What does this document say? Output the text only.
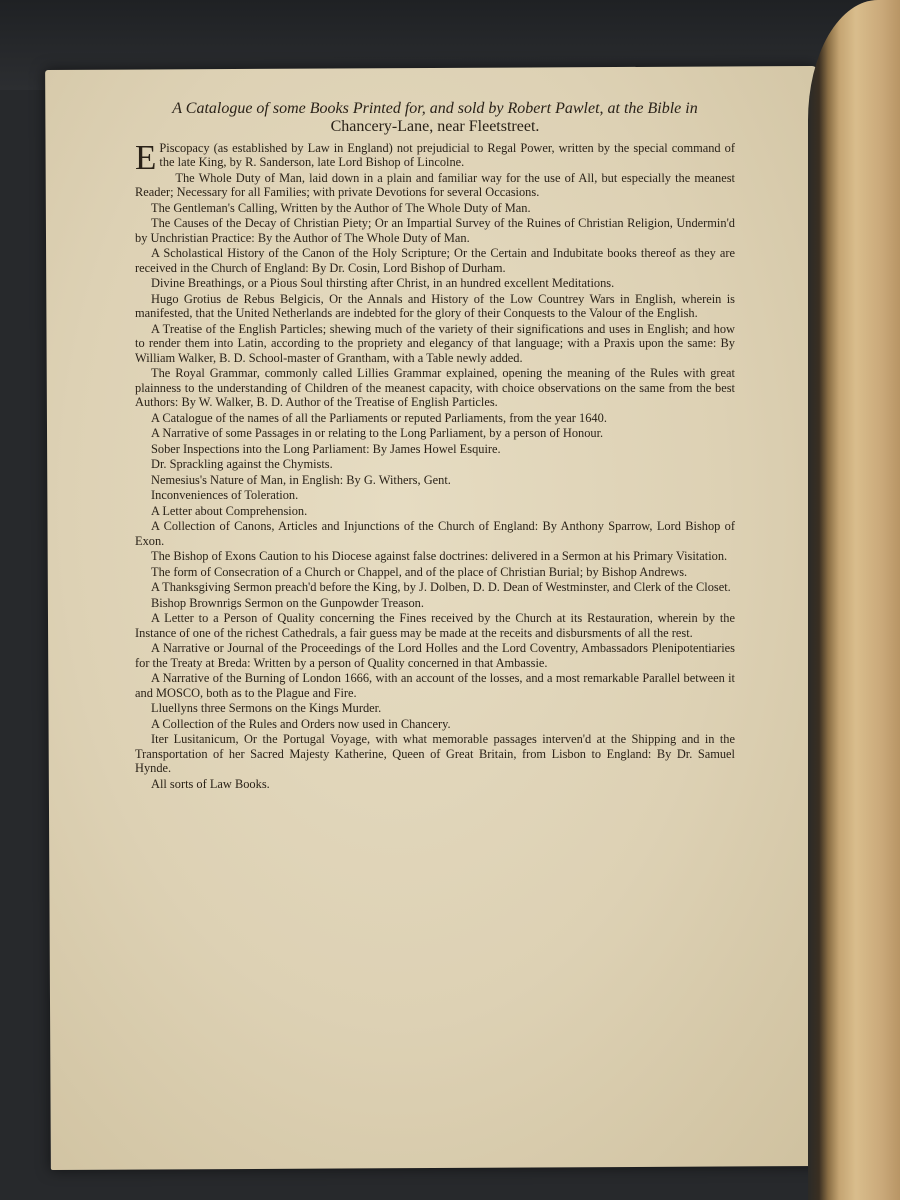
A Catalogue of some Books Printed for, and sold by Robert Pawlet, at the Bible in
Chancery-Lane, near Fleetstreet.

E Piscopacy (as established by Law in England) not prejudicial to Regal Power, written by the special command of the late King, by R. Sanderson, late Lord Bishop of Lincolne.

The Whole Duty of Man, laid down in a plain and familiar way for the use of All, but especially the meanest Reader; Necessary for all Families; with private Devotions for several Occasions.

The Gentleman's Calling, Written by the Author of The Whole Duty of Man.

The Causes of the Decay of Christian Piety; Or an Impartial Survey of the Ruines of Christian Religion, Undermin'd by Unchristian Practice: By the Author of The Whole Duty of Man.

A Scholastical History of the Canon of the Holy Scripture; Or the Certain and Indubitate books thereof as they are received in the Church of England: By Dr. Cosin, Lord Bishop of Durham.

Divine Breathings, or a Pious Soul thirsting after Christ, in an hundred excellent Meditations.

Hugo Grotius de Rebus Belgicis, Or the Annals and History of the Low Countrey Wars in English, wherein is manifested, that the United Netherlands are indebted for the glory of their Conquests to the Valour of the English.

A Treatise of the English Particles; shewing much of the variety of their significations and uses in English; and how to render them into Latin, according to the propriety and elegancy of that language; with a Praxis upon the same: By William Walker, B. D. School-master of Grantham, with a Table newly added.

The Royal Grammar, commonly called Lillies Grammar explained, opening the meaning of the Rules with great plainness to the understanding of Children of the meanest capacity, with choice observations on the same from the best Authors: By W. Walker, B. D. Author of the Treatise of English Particles.

A Catalogue of the names of all the Parliaments or reputed Parliaments, from the year 1640.

A Narrative of some Passages in or relating to the Long Parliament, by a person of Honour.

Sober Inspections into the Long Parliament: By James Howel Esquire.

Dr. Sprackling against the Chymists.

Nemesius's Nature of Man, in English: By G. Withers, Gent.

Inconveniences of Toleration.

A Letter about Comprehension.

A Collection of Canons, Articles and Injunctions of the Church of England: By Anthony Sparrow, Lord Bishop of Exon.

The Bishop of Exons Caution to his Diocese against false doctrines: delivered in a Sermon at his Primary Visitation.

The form of Consecration of a Church or Chappel, and of the place of Christian Burial; by Bishop Andrews.

A Thanksgiving Sermon preach'd before the King, by J. Dolben, D. D. Dean of Westminster, and Clerk of the Closet.

Bishop Brownrigs Sermon on the Gunpowder Treason.

A Letter to a Person of Quality concerning the Fines received by the Church at its Restauration, wherein by the Instance of one of the richest Cathedrals, a fair guess may be made at the receits and disbursments of all the rest.

A Narrative or Journal of the Proceedings of the Lord Holles and the Lord Coventry, Ambassadors Plenipotentiaries for the Treaty at Breda: Written by a person of Quality concerned in that Ambassie.

A Narrative of the Burning of London 1666, with an account of the losses, and a most remarkable Parallel between it and MOSCO, both as to the Plague and Fire.

Lluellyns three Sermons on the Kings Murder.

A Collection of the Rules and Orders now used in Chancery.

Iter Lusitanicum, Or the Portugal Voyage, with what memorable passages interven'd at the Shipping and in the Transportation of her Sacred Majesty Katherine, Queen of Great Britain, from Lisbon to England: By Dr. Samuel Hynde.

All sorts of Law Books.
